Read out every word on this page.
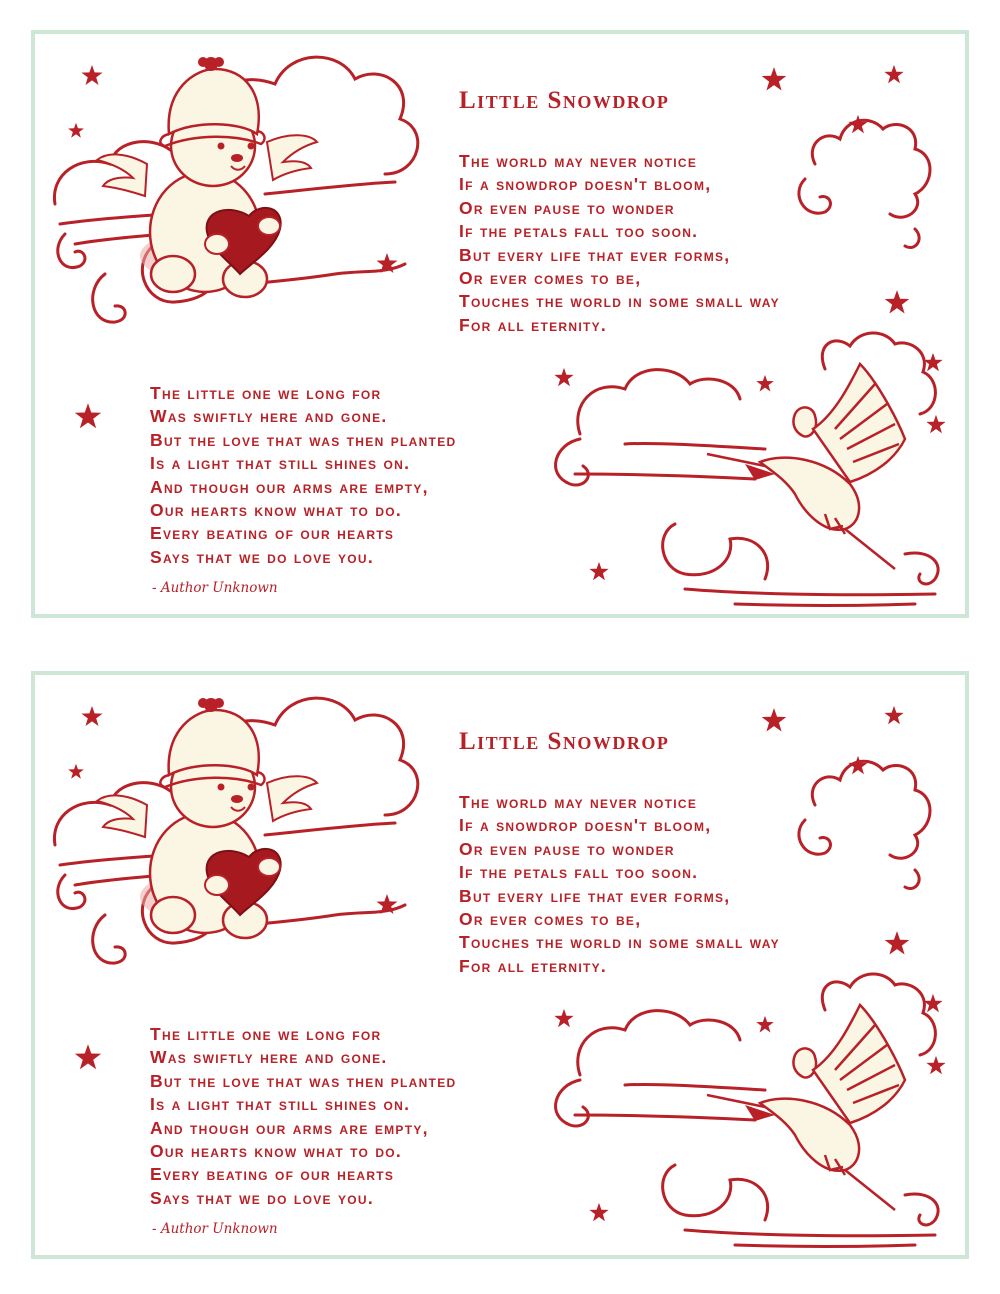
Little Snowdrop
The world may never notice
If a snowdrop doesn't bloom,
Or even pause to wonder
If the petals fall too soon.
But every life that ever forms,
Or ever comes to be,
Touches the world in some small way
For all eternity.
The little one we long for
Was swiftly here and gone.
But the love that was then planted
Is a light that still shines on.
And though our arms are empty,
Our hearts know what to do.
Every beating of our hearts
Says that we do love you.
- Author Unknown
Little Snowdrop
The world may never notice
If a snowdrop doesn't bloom,
Or even pause to wonder
If the petals fall too soon.
But every life that ever forms,
Or ever comes to be,
Touches the world in some small way
For all eternity.
The little one we long for
Was swiftly here and gone.
But the love that was then planted
Is a light that still shines on.
And though our arms are empty,
Our hearts know what to do.
Every beating of our hearts
Says that we do love you.
- Author Unknown
